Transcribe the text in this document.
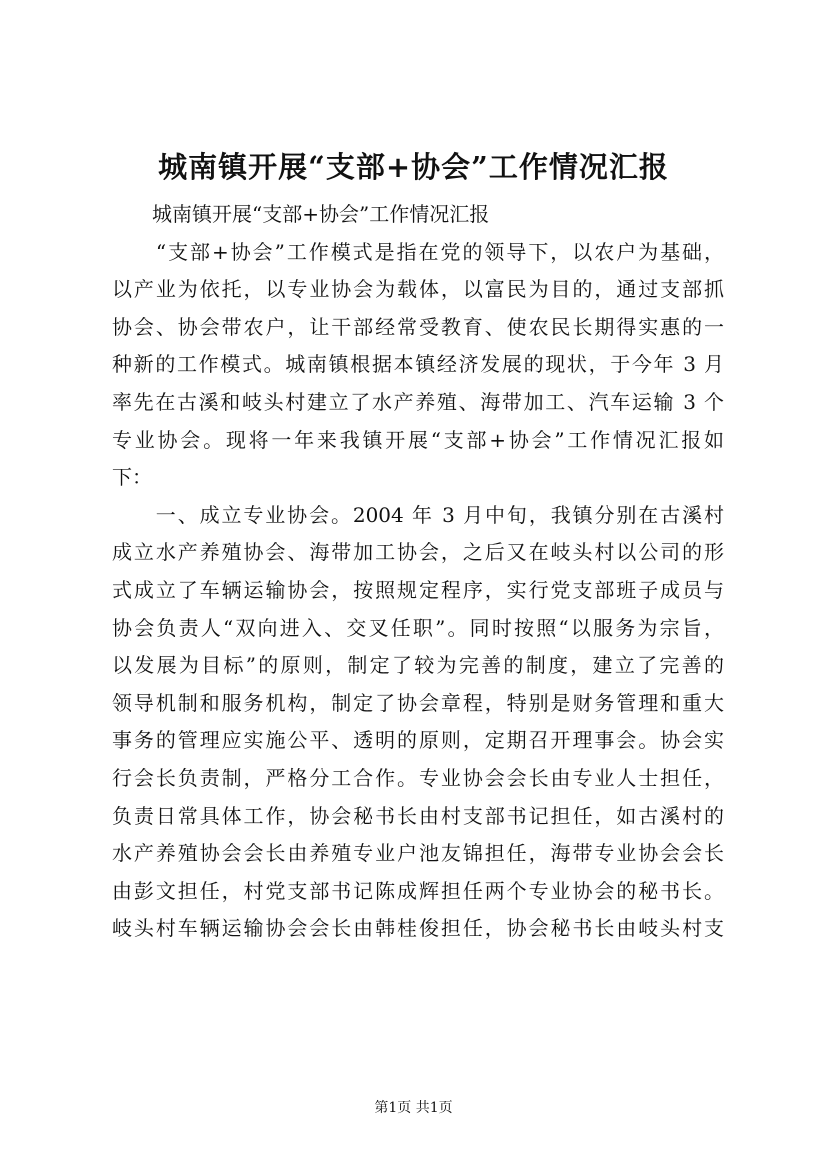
城南镇开展“支部+协会”工作情况汇报
　　城南镇开展“支部+协会”工作情况汇报
　　“支部+协会”工作模式是指在党的领导下，以农户为基础，
以产业为依托，以专业协会为载体，以富民为目的，通过支部抓
协会、协会带农户，让干部经常受教育、使农民长期得实惠的一
种新的工作模式。城南镇根据本镇经济发展的现状，于今年 3 月
率先在古溪和岐头村建立了水产养殖、海带加工、汽车运输 3 个
专业协会。现将一年来我镇开展“支部+协会”工作情况汇报如
下：
　　一、成立专业协会。2004 年 3 月中旬，我镇分别在古溪村
成立水产养殖协会、海带加工协会，之后又在岐头村以公司的形
式成立了车辆运输协会，按照规定程序，实行党支部班子成员与
协会负责人“双向进入、交叉任职”。同时按照“以服务为宗旨，
以发展为目标”的原则，制定了较为完善的制度，建立了完善的
领导机制和服务机构，制定了协会章程，特别是财务管理和重大
事务的管理应实施公平、透明的原则，定期召开理事会。协会实
行会长负责制，严格分工合作。专业协会会长由专业人士担任，
负责日常具体工作，协会秘书长由村支部书记担任，如古溪村的
水产养殖协会会长由养殖专业户池友锦担任，海带专业协会会长
由彭文担任，村党支部书记陈成辉担任两个专业协会的秘书长。
岐头村车辆运输协会会长由韩桂俊担任，协会秘书长由岐头村支
第1页 共1页
